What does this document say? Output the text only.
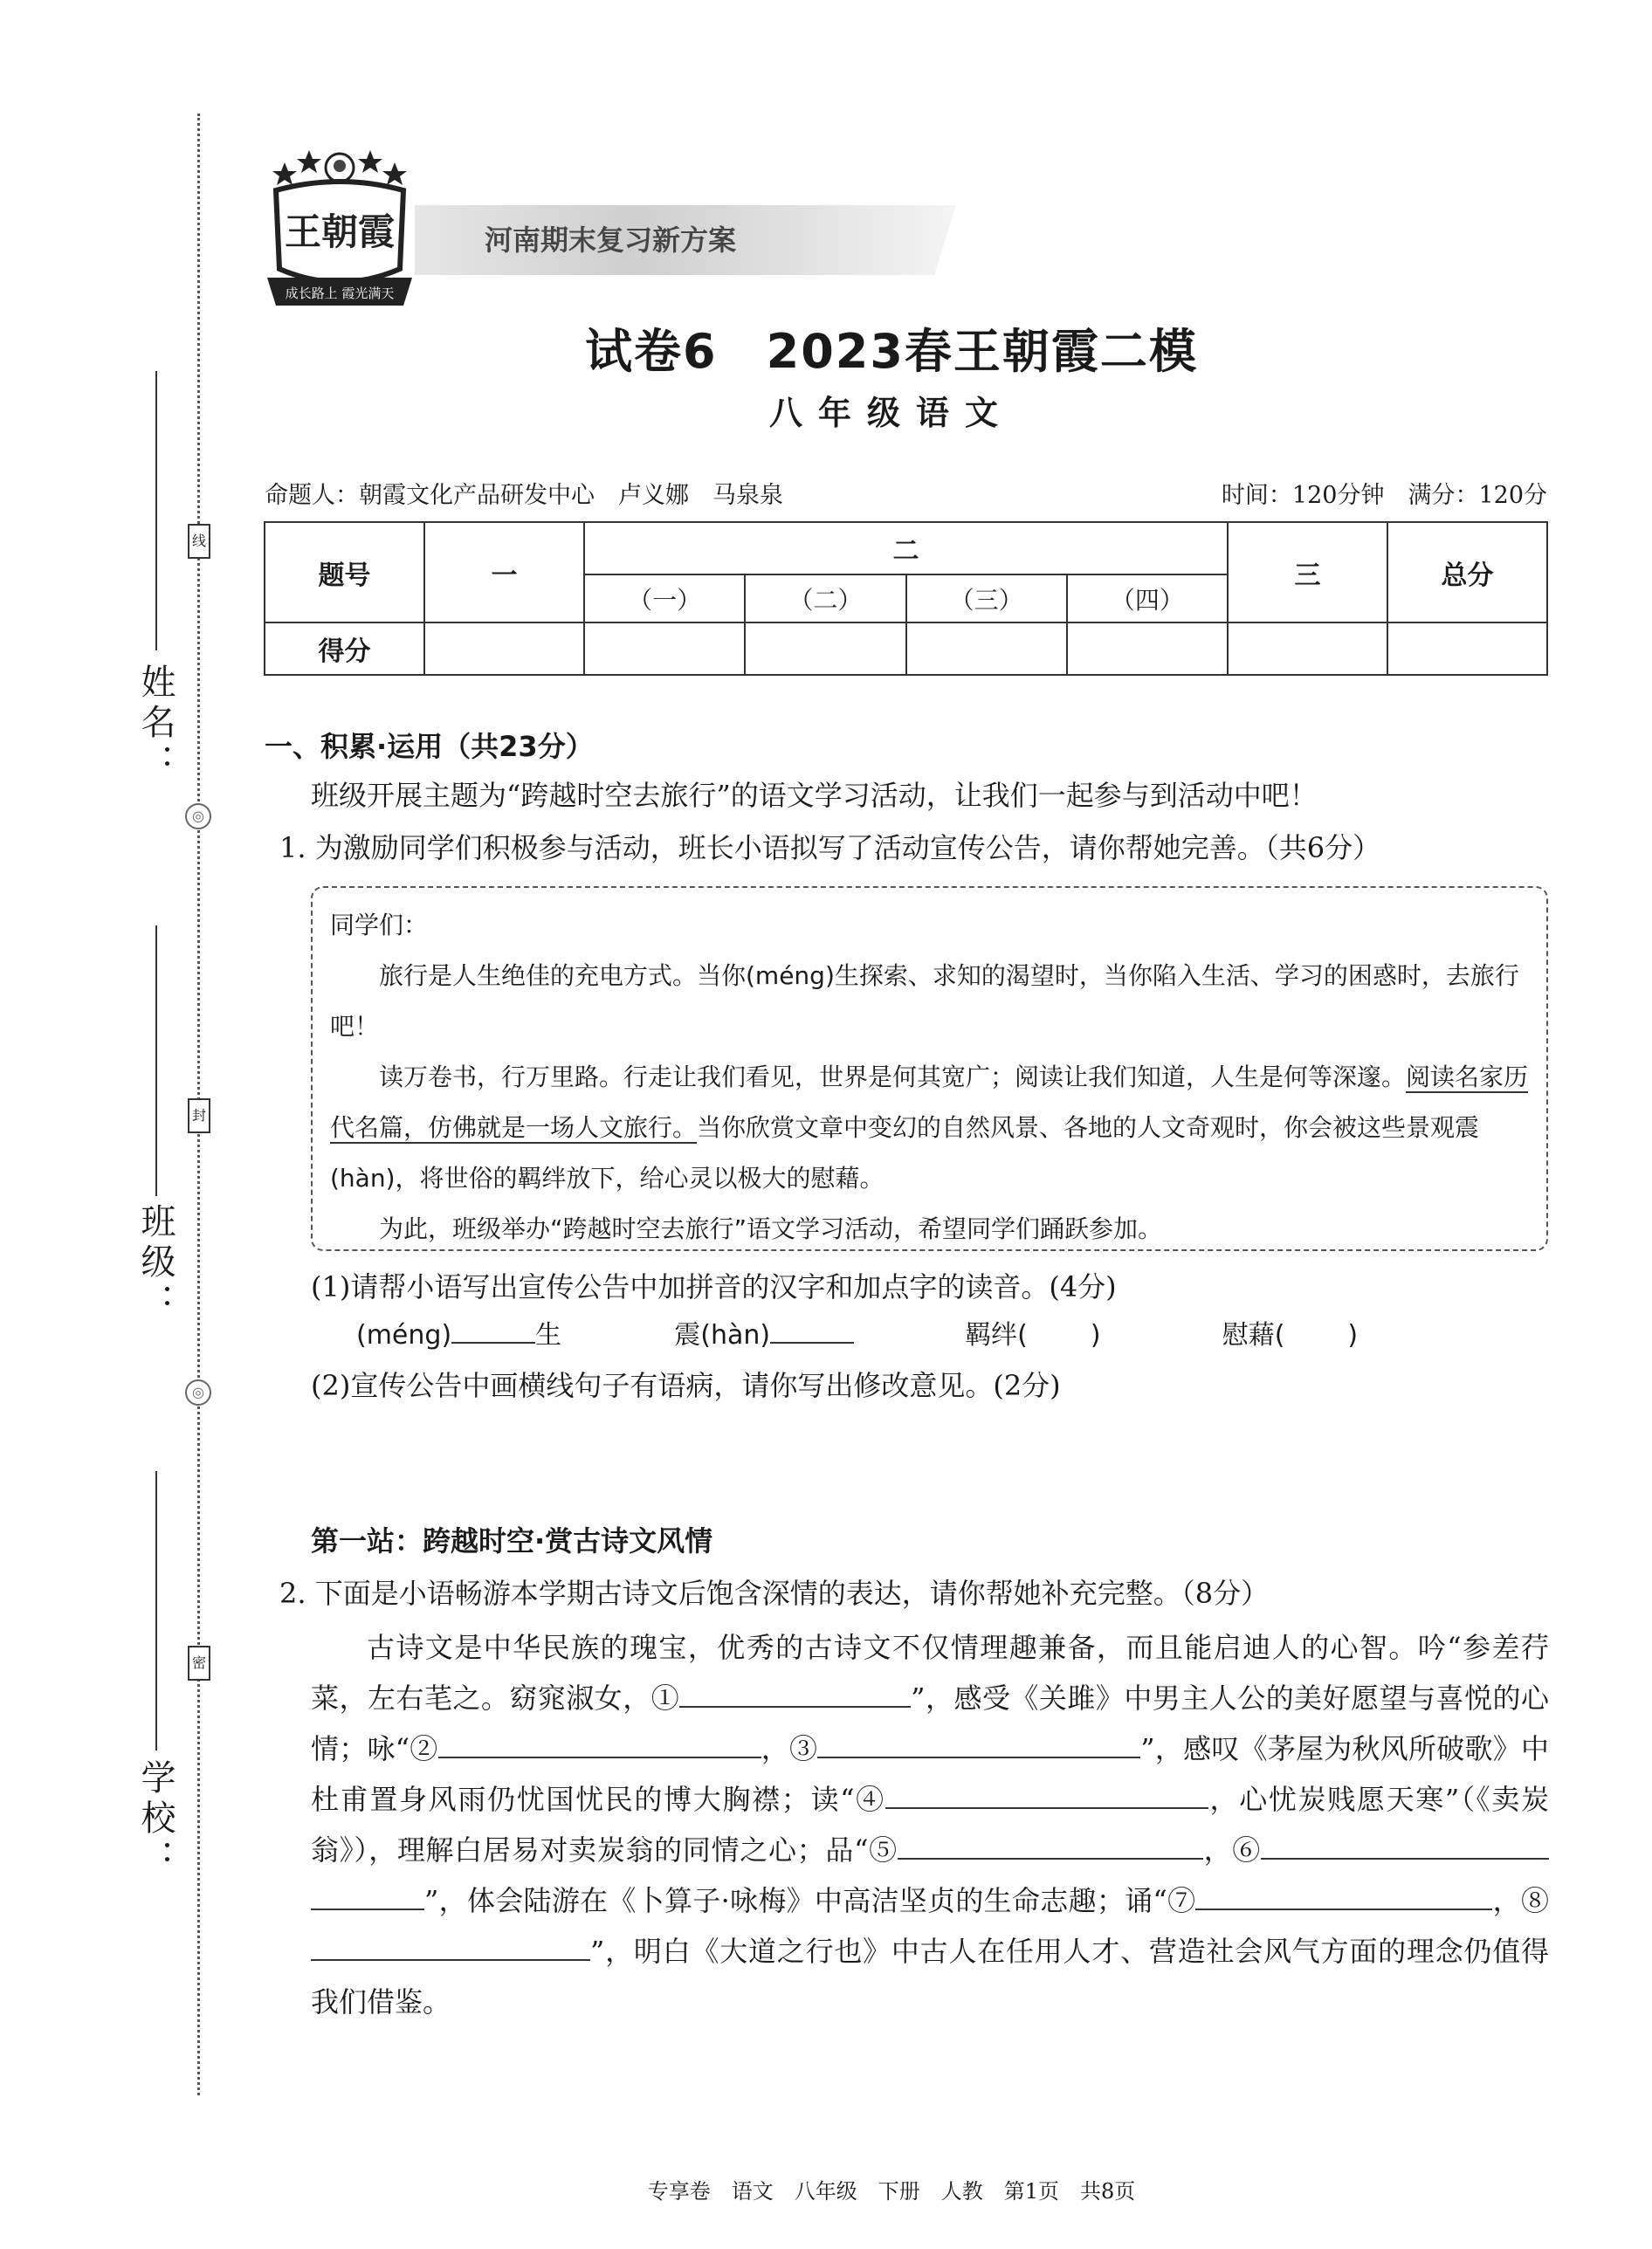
线
◎
封
◎
密
姓名：
班级：
学校：
王朝霞
成长路上 霞光满天
河南期末复习新方案
试卷6　2023春王朝霞二模
八年级语文
命题人：朝霞文化产品研发中心　卢义娜　马泉泉	时间：120分钟　满分：120分
题号	一	二				三	总分
		（一）	（二）	（三）	（四）		
得分							
一、积累·运用（共23分）
班级开展主题为“跨越时空去旅行”的语文学习活动，让我们一起参与到活动中吧！
1. 为激励同学们积极参与活动，班长小语拟写了活动宣传公告，请你帮她完善。（共6分）
同学们：
旅行是人生绝佳的充电方式。当你(méng)生探索、求知的渴望时，当你陷入生活、学习的困惑时，去旅行吧！
读万卷书，行万里路。行走让我们看见，世界是何其宽广；阅读让我们知道，人生是何等深邃。阅读名家历代名篇，仿佛就是一场人文旅行。当你欣赏文章中变幻的自然风景、各地的人文奇观时，你会被这些景观震(hàn)，将世俗的羁绊放下，给心灵以极大的慰藉。
为此，班级举办“跨越时空去旅行”语文学习活动，希望同学们踊跃参加。
(1)请帮小语写出宣传公告中加拼音的汉字和加点字的读音。(4分)
(méng)	生	震(hàn)	羁绊( )	慰藉( )
(2)宣传公告中画横线句子有语病，请你写出修改意见。(2分)
第一站：跨越时空·赏古诗文风情
2. 下面是小语畅游本学期古诗文后饱含深情的表达，请你帮她补充完整。（8分）
古诗文是中华民族的瑰宝，优秀的古诗文不仅情理趣兼备，而且能启迪人的心智。吟“参差荇菜，左右芼之。窈窕淑女，①	”，感受《关雎》中男主人公的美好愿望与喜悦的心情；咏“②	，③	”，感叹《茅屋为秋风所破歌》中杜甫置身风雨仍忧国忧民的博大胸襟；读“④	，心忧炭贱愿天寒”（《卖炭翁》），理解白居易对卖炭翁的同情之心；品“⑤	，⑥”，体会陆游在《卜算子·咏梅》中高洁坚贞的生命志趣；诵“⑦	，⑧”，明白《大道之行也》中古人在任用人才、营造社会风气方面的理念仍值得我们借鉴。
专享卷　语文　八年级　下册　人教　第1页　共8页
